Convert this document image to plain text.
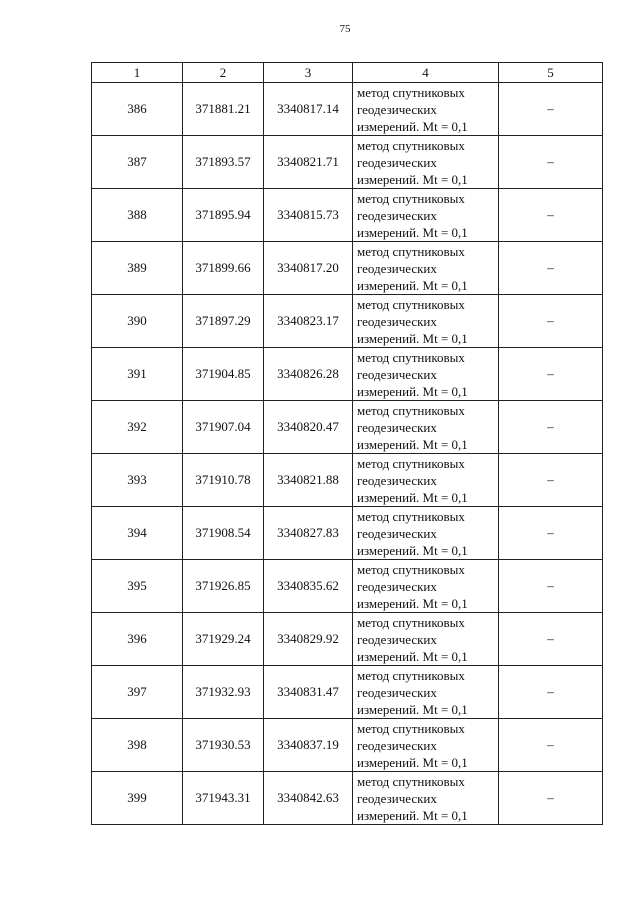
75
1	2	3	4	5
386	371881.21	3340817.14	метод спутниковых
геодезических
измерений. Mt = 0,1	–
387	371893.57	3340821.71	метод спутниковых
геодезических
измерений. Mt = 0,1	–
388	371895.94	3340815.73	метод спутниковых
геодезических
измерений. Mt = 0,1	–
389	371899.66	3340817.20	метод спутниковых
геодезических
измерений. Mt = 0,1	–
390	371897.29	3340823.17	метод спутниковых
геодезических
измерений. Mt = 0,1	–
391	371904.85	3340826.28	метод спутниковых
геодезических
измерений. Mt = 0,1	–
392	371907.04	3340820.47	метод спутниковых
геодезических
измерений. Mt = 0,1	–
393	371910.78	3340821.88	метод спутниковых
геодезических
измерений. Mt = 0,1	–
394	371908.54	3340827.83	метод спутниковых
геодезических
измерений. Mt = 0,1	–
395	371926.85	3340835.62	метод спутниковых
геодезических
измерений. Mt = 0,1	–
396	371929.24	3340829.92	метод спутниковых
геодезических
измерений. Mt = 0,1	–
397	371932.93	3340831.47	метод спутниковых
геодезических
измерений. Mt = 0,1	–
398	371930.53	3340837.19	метод спутниковых
геодезических
измерений. Mt = 0,1	–
399	371943.31	3340842.63	метод спутниковых
геодезических
измерений. Mt = 0,1	–
